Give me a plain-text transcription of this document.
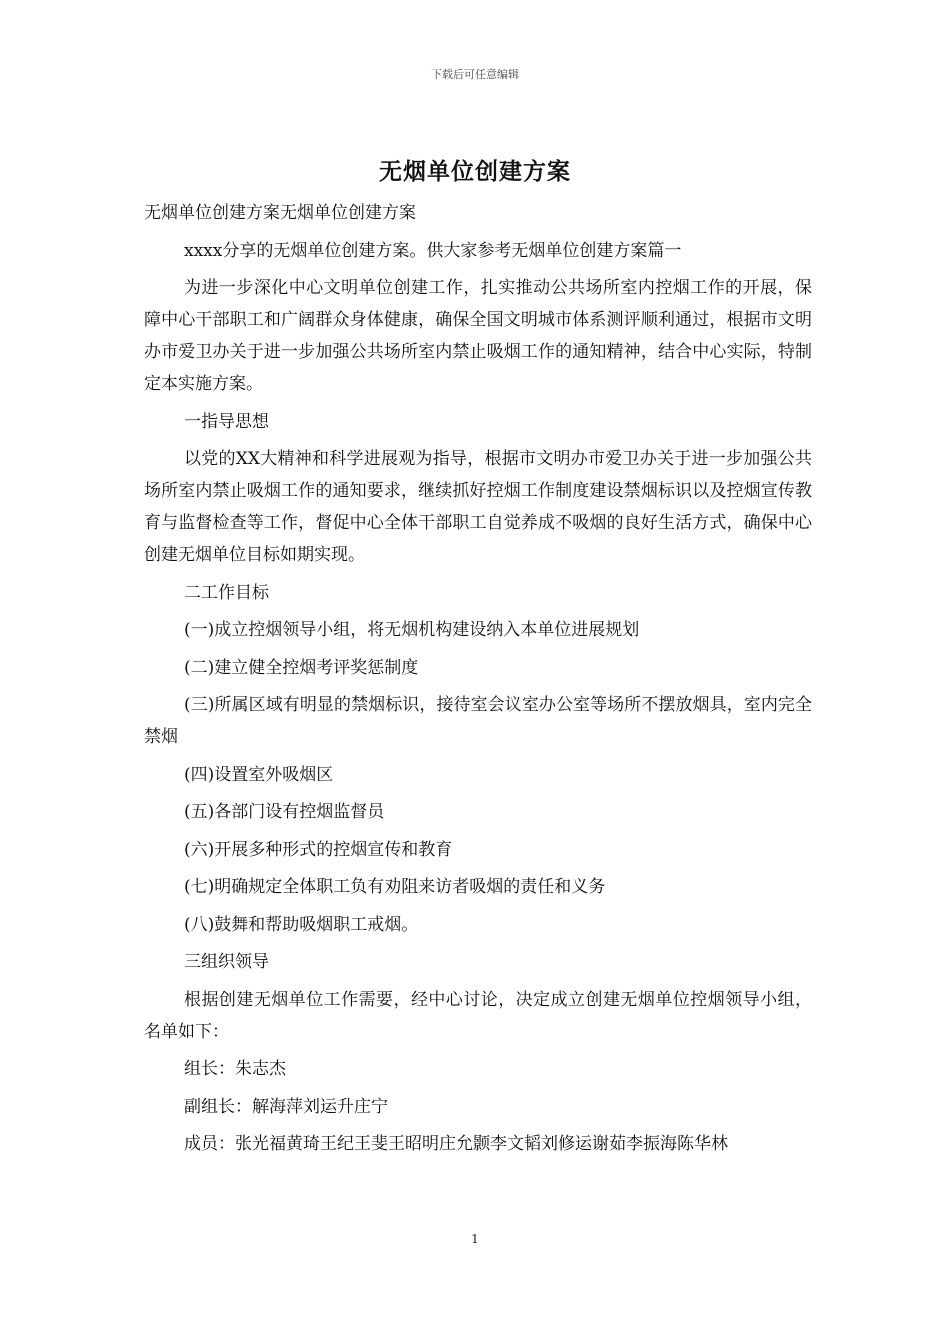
下载后可任意编辑
无烟单位创建方案

无烟单位创建方案无烟单位创建方案

xxxx分享的无烟单位创建方案。供大家参考无烟单位创建方案篇一

为进一步深化中心文明单位创建工作，扎实推动公共场所室内控烟工作的开展，保障中心干部职工和广阔群众身体健康，确保全国文明城市体系测评顺利通过，根据市文明办市爱卫办关于进一步加强公共场所室内禁止吸烟工作的通知精神，结合中心实际，特制定本实施方案。

一指导思想

以党的XX大精神和科学进展观为指导，根据市文明办市爱卫办关于进一步加强公共场所室内禁止吸烟工作的通知要求，继续抓好控烟工作制度建设禁烟标识以及控烟宣传教育与监督检查等工作，督促中心全体干部职工自觉养成不吸烟的良好生活方式，确保中心创建无烟单位目标如期实现。

二工作目标

(一)成立控烟领导小组，将无烟机构建设纳入本单位进展规划

(二)建立健全控烟考评奖惩制度

(三)所属区域有明显的禁烟标识，接待室会议室办公室等场所不摆放烟具，室内完全禁烟

(四)设置室外吸烟区

(五)各部门设有控烟监督员

(六)开展多种形式的控烟宣传和教育

(七)明确规定全体职工负有劝阻来访者吸烟的责任和义务

(八)鼓舞和帮助吸烟职工戒烟。

三组织领导

根据创建无烟单位工作需要，经中心讨论，决定成立创建无烟单位控烟领导小组，名单如下：

组长：朱志杰

副组长：解海萍刘运升庄宁

成员：张光福黄琦王纪王斐王昭明庄允颢李文韬刘修运谢茹李振海陈华林

1
